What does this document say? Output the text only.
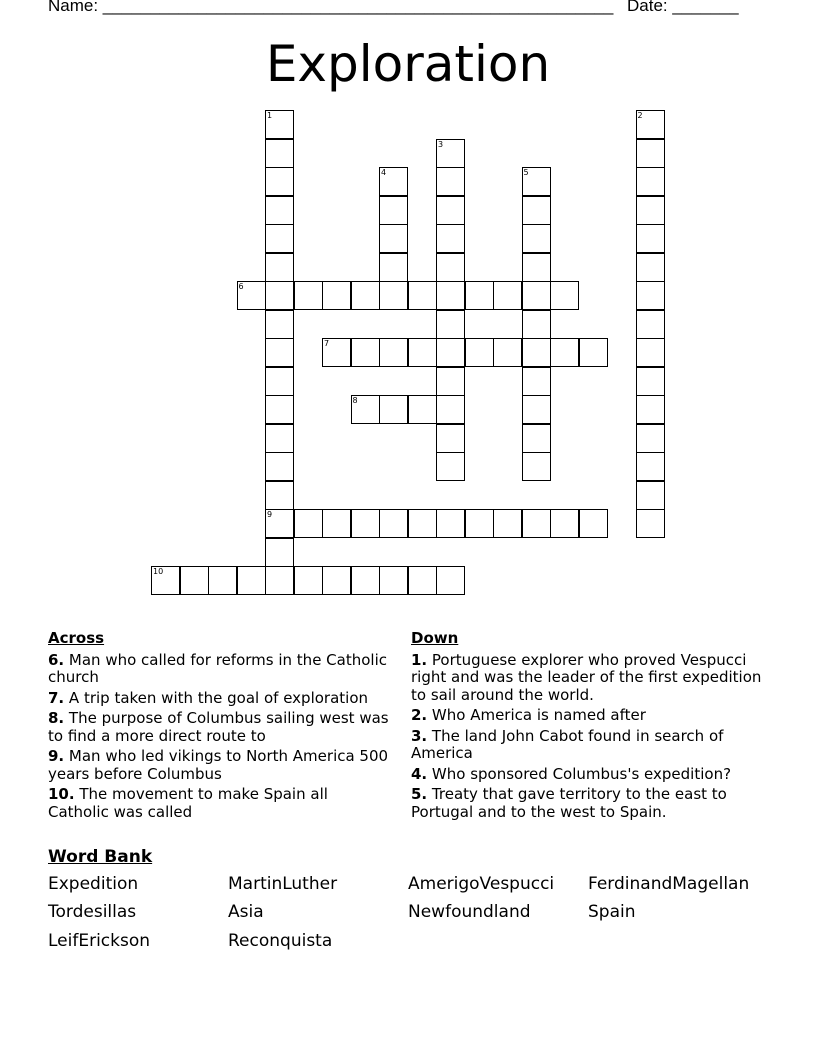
Name: ______________________________________________________ Date: _______
Exploration
1
9
2
3
4	5
6
7
8
10
Across
6. Man who called for reforms in the Catholic church
7. A trip taken with the goal of exploration
8. The purpose of Columbus sailing west was to find a more direct route to
9. Man who led vikings to North America 500 years before Columbus
10. The movement to make Spain all Catholic was called
Down
1. Portuguese explorer who proved Vespucci right and was the leader of the first expedition to sail around the world.
2. Who America is named after
3. The land John Cabot found in search of America
4. Who sponsored Columbus's expedition?
5. Treaty that gave territory to the east to Portugal and to the west to Spain.
Word Bank
Expedition	MartinLuther	AmerigoVespucci FerdinandMagellan
Tordesillas	Asia	Newfoundland	Spain
LeifErickson	Reconquista
